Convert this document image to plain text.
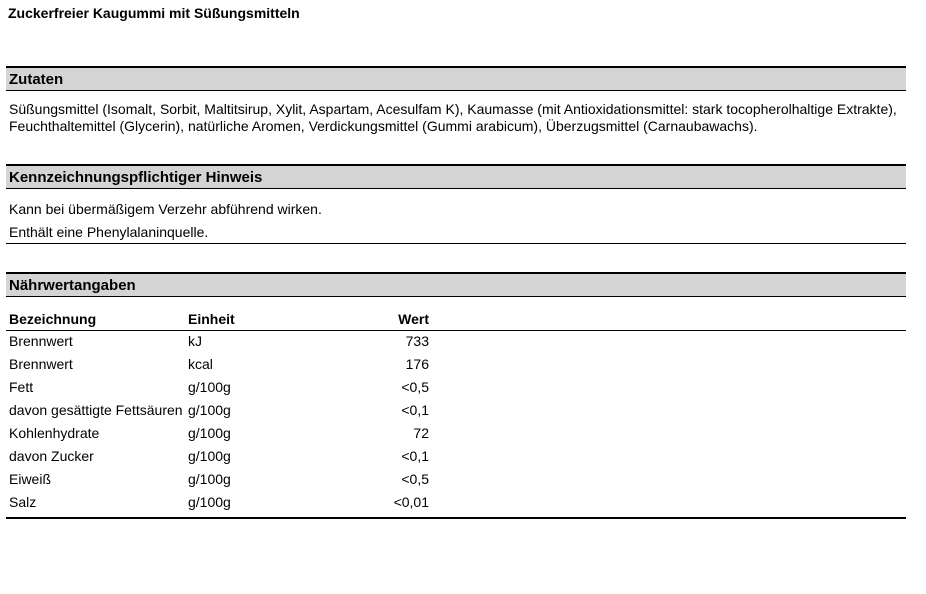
Zuckerfreier Kaugummi mit Süßungsmitteln
Zutaten
Süßungsmittel (Isomalt, Sorbit, Maltitsirup, Xylit, Aspartam, Acesulfam K), Kaumasse (mit Antioxidationsmittel: stark tocopherolhaltige Extrakte), Feuchthaltemittel (Glycerin), natürliche Aromen, Verdickungsmittel (Gummi arabicum), Überzugsmittel (Carnaubawachs).
Kennzeichnungspflichtiger Hinweis
Kann bei übermäßigem Verzehr abführend wirken.
Enthält eine Phenylalaninquelle.
Nährwertangaben
Bezeichnung	Einheit	Wert	
Brennwert	kJ	733	
Brennwert	kcal	176	
Fett	g/100g	<0,5	
davon gesättigte Fettsäuren	g/100g	<0,1	
Kohlenhydrate	g/100g	72	
davon Zucker	g/100g	<0,1	
Eiweiß	g/100g	<0,5	
Salz	g/100g	<0,01	
